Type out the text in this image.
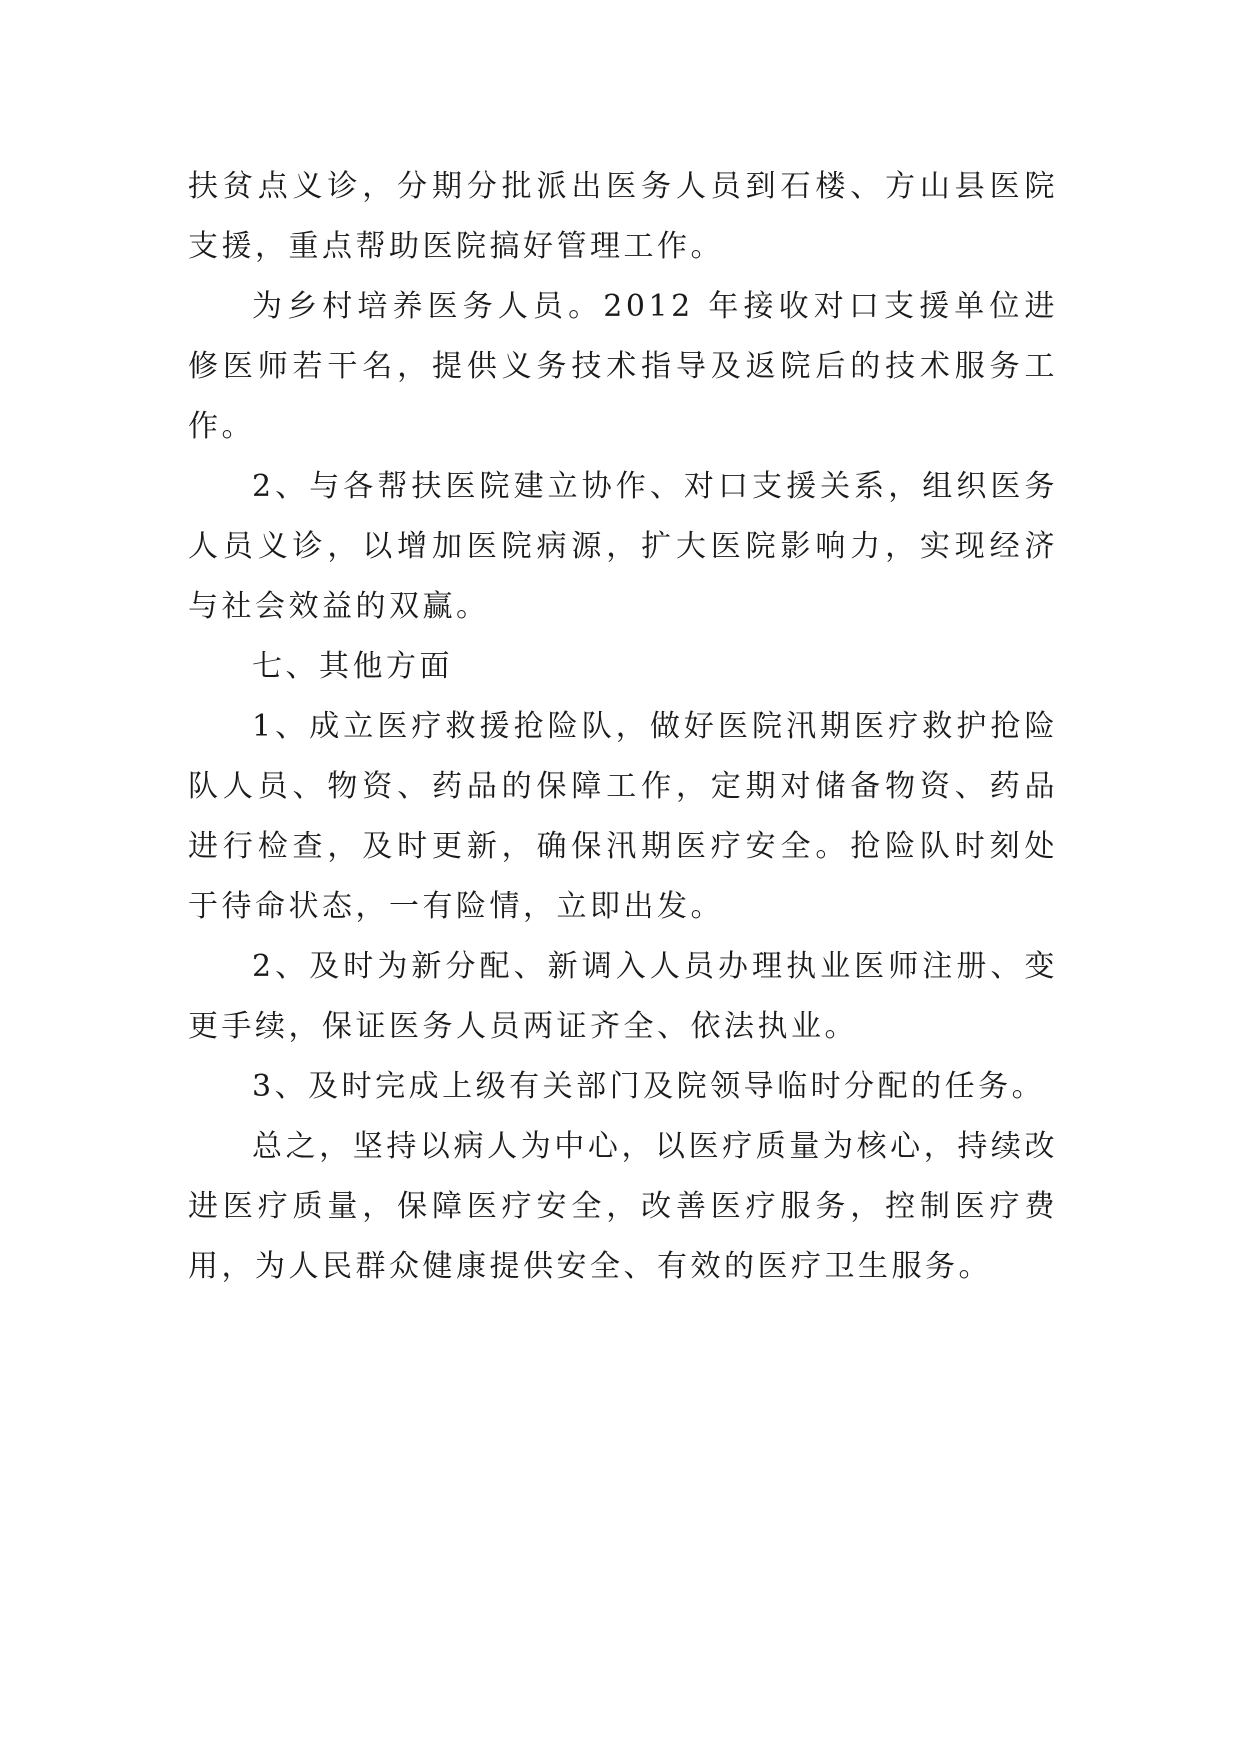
扶贫点义诊，分期分批派出医务人员到石楼、方山县医院支援，重点帮助医院搞好管理工作。

为乡村培养医务人员。2012 年接收对口支援单位进修医师若干名，提供义务技术指导及返院后的技术服务工作。

2、与各帮扶医院建立协作、对口支援关系，组织医务人员义诊，以增加医院病源，扩大医院影响力，实现经济与社会效益的双赢。

七、其他方面

1、成立医疗救援抢险队，做好医院汛期医疗救护抢险队人员、物资、药品的保障工作，定期对储备物资、药品进行检查，及时更新，确保汛期医疗安全。抢险队时刻处于待命状态，一有险情，立即出发。

2、及时为新分配、新调入人员办理执业医师注册、变更手续，保证医务人员两证齐全、依法执业。

3、及时完成上级有关部门及院领导临时分配的任务。

总之，坚持以病人为中心，以医疗质量为核心，持续改进医疗质量，保障医疗安全，改善医疗服务，控制医疗费用，为人民群众健康提供安全、有效的医疗卫生服务。
